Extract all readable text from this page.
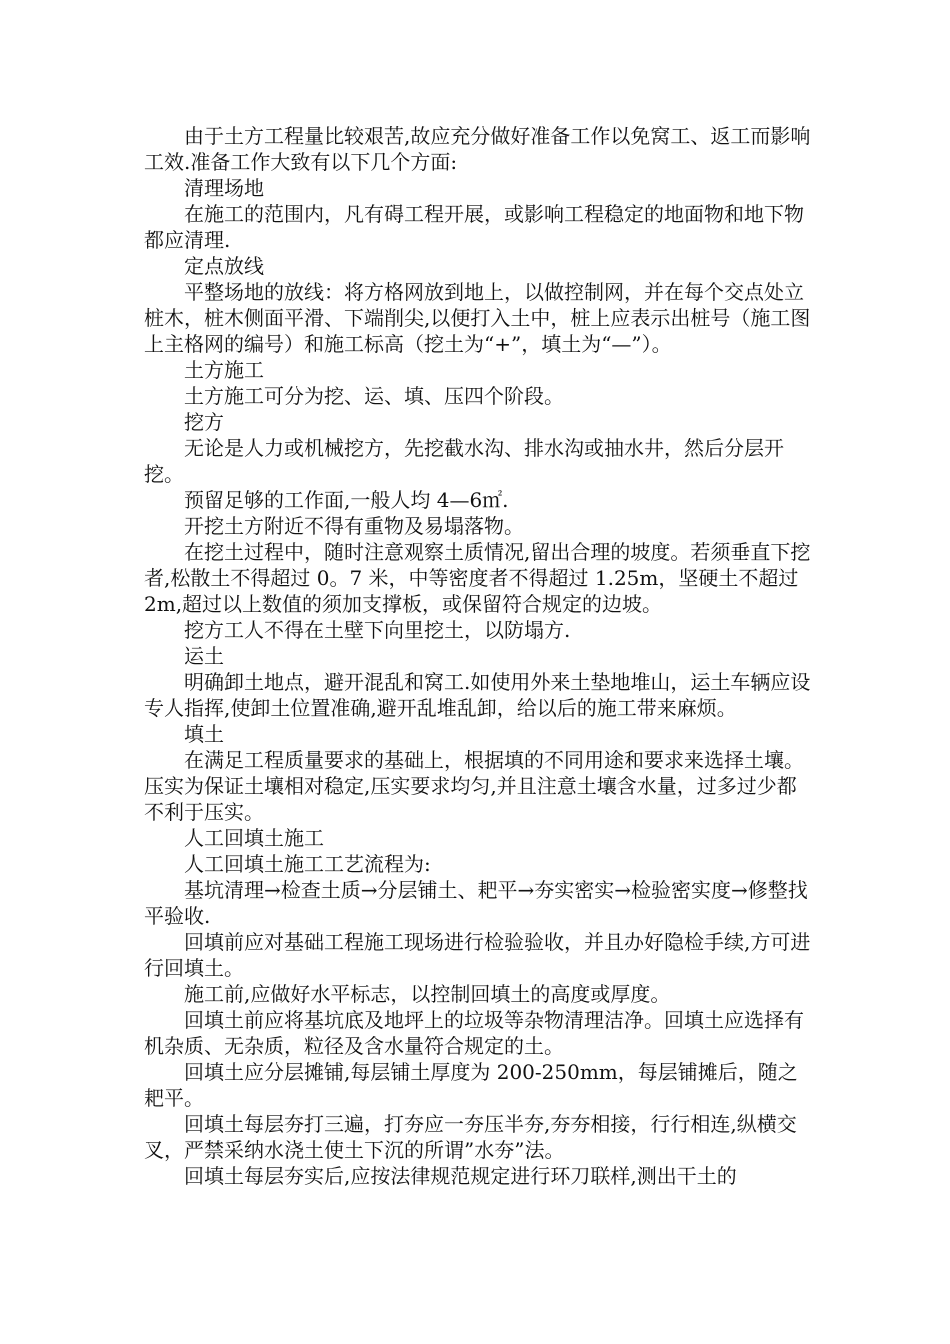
由于土方工程量比较艰苦,故应充分做好准备工作以免窝工、返工而影响工效.准备工作大致有以下几个方面:

清理场地

在施工的范围内，凡有碍工程开展，或影响工程稳定的地面物和地下物都应清理.

定点放线

平整场地的放线：将方格网放到地上，以做控制网，并在每个交点处立桩木，桩木侧面平滑、下端削尖,以便打入土中，桩上应表示出桩号（施工图上主格网的编号）和施工标高（挖土为“+”，填土为“—”）。

土方施工

土方施工可分为挖、运、填、压四个阶段。

挖方

无论是人力或机械挖方，先挖截水沟、排水沟或抽水井，然后分层开挖。

预留足够的工作面,一般人均 4—6㎡.

开挖土方附近不得有重物及易塌落物。

在挖土过程中，随时注意观察土质情况,留出合理的坡度。若须垂直下挖者,松散土不得超过 0。7 米，中等密度者不得超过 1.25m，坚硬土不超过 2m,超过以上数值的须加支撑板，或保留符合规定的边坡。

挖方工人不得在土壁下向里挖土，以防塌方.

运土

明确卸土地点，避开混乱和窝工.如使用外来土垫地堆山，运土车辆应设专人指挥,使卸土位置准确,避开乱堆乱卸，给以后的施工带来麻烦。

填土

在满足工程质量要求的基础上，根据填的不同用途和要求来选择土壤。压实为保证土壤相对稳定,压实要求均匀,并且注意土壤含水量，过多过少都不利于压实。

人工回填土施工

人工回填土施工工艺流程为:

基坑清理→检查土质→分层铺土、耙平→夯实密实→检验密实度→修整找平验收.

回填前应对基础工程施工现场进行检验验收，并且办好隐检手续,方可进行回填土。

施工前,应做好水平标志，以控制回填土的高度或厚度。

回填土前应将基坑底及地坪上的垃圾等杂物清理洁净。回填土应选择有机杂质、无杂质，粒径及含水量符合规定的土。

回填土应分层摊铺,每层铺土厚度为 200-250mm，每层铺摊后，随之耙平。

回填土每层夯打三遍，打夯应一夯压半夯,夯夯相接，行行相连,纵横交叉，严禁采纳水浇土使土下沉的所谓”水夯”法。

回填土每层夯实后,应按法律规范规定进行环刀联样,测出干土的
